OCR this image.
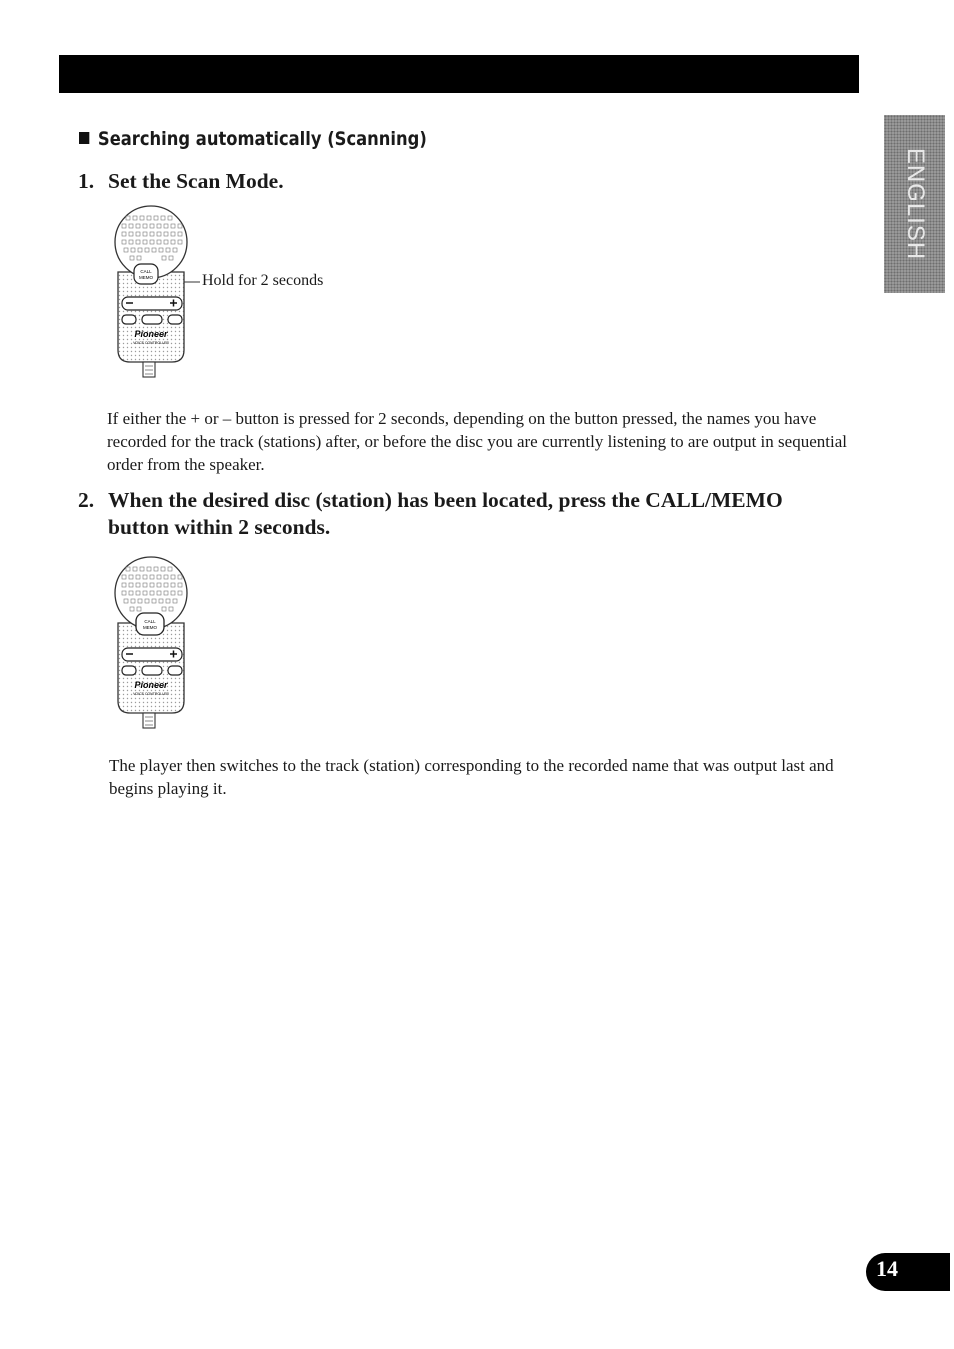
ENGLISH
Searching automatically (Scanning)
1. Set the Scan Mode.
CALL
MEMO
Pioneer
VOICE CONTROLLER
Hold for 2 seconds

If either the + or – button is pressed for 2 seconds, depending on the button pressed, the names you have recorded for the track (stations) after, or before the disc you are currently listening to are output in sequential order from the speaker.

2. When the desired disc (station) has been located, press the CALL/MEMO button within 2 seconds.
CALL
MEMO
Pioneer
VOICE CONTROLLER

The player then switches to the track (station) corresponding to the recorded name that was output last and begins playing it.

14
